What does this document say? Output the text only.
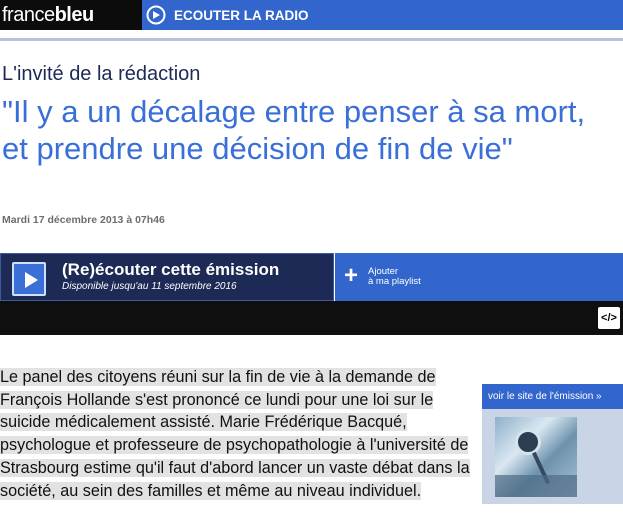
francebleu	ECOUTER LA RADIO
L'invité de la rédaction
"Il y a un décalage entre penser à sa mort, et prendre une décision de fin de vie"
Mardi 17 décembre 2013 à 07h46
(Re)écouter cette émission
Disponible jusqu'au 11 septembre 2016	+ Ajouter
à ma playlist
</>

Le panel des citoyens réuni sur la fin de vie à la demande de François Hollande s'est prononcé ce lundi pour une loi sur le suicide médicalement assisté. Marie Frédérique Bacqué, psychologue et professeure de psychopathologie à l'université de Strasbourg estime qu'il faut d'abord lancer un vaste débat dans la société, au sein des familles et même au niveau individuel.

voir le site de l'émission »
